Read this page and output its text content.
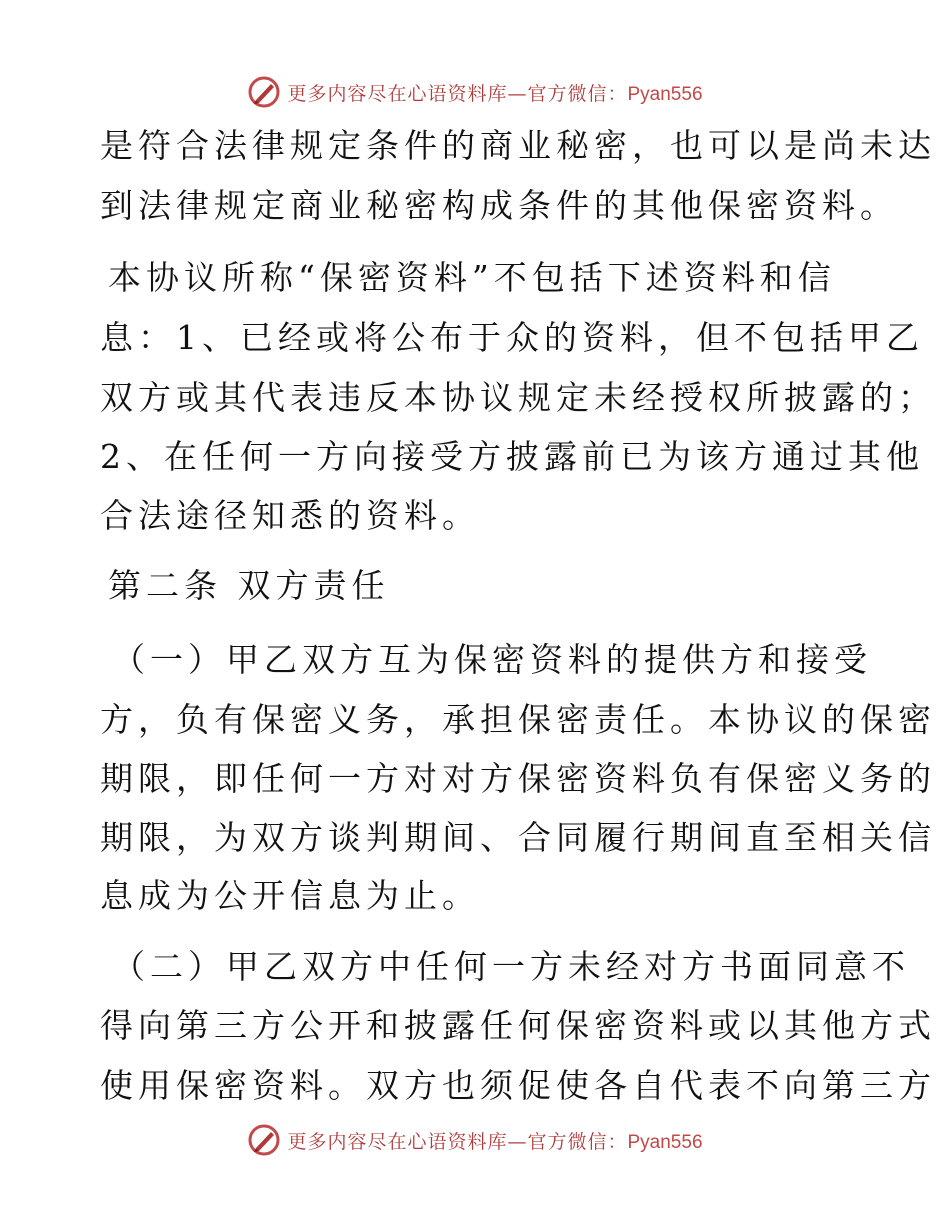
更多内容尽在心语资料库—官方微信：Pyan556

是符合法律规定条件的商业秘密，也可以是尚未达

到法律规定商业秘密构成条件的其他保密资料。

本协议所称“保密资料”不包括下述资料和信

息：1、已经或将公布于众的资料，但不包括甲乙

双方或其代表违反本协议规定未经授权所披露的；

2、在任何一方向接受方披露前已为该方通过其他

合法途径知悉的资料。

第二条 双方责任

（一）甲乙双方互为保密资料的提供方和接受

方，负有保密义务，承担保密责任。本协议的保密

期限，即任何一方对对方保密资料负有保密义务的

期限，为双方谈判期间、合同履行期间直至相关信

息成为公开信息为止。

（二）甲乙双方中任何一方未经对方书面同意不

得向第三方公开和披露任何保密资料或以其他方式

使用保密资料。双方也须促使各自代表不向第三方

更多内容尽在心语资料库—官方微信：Pyan556
